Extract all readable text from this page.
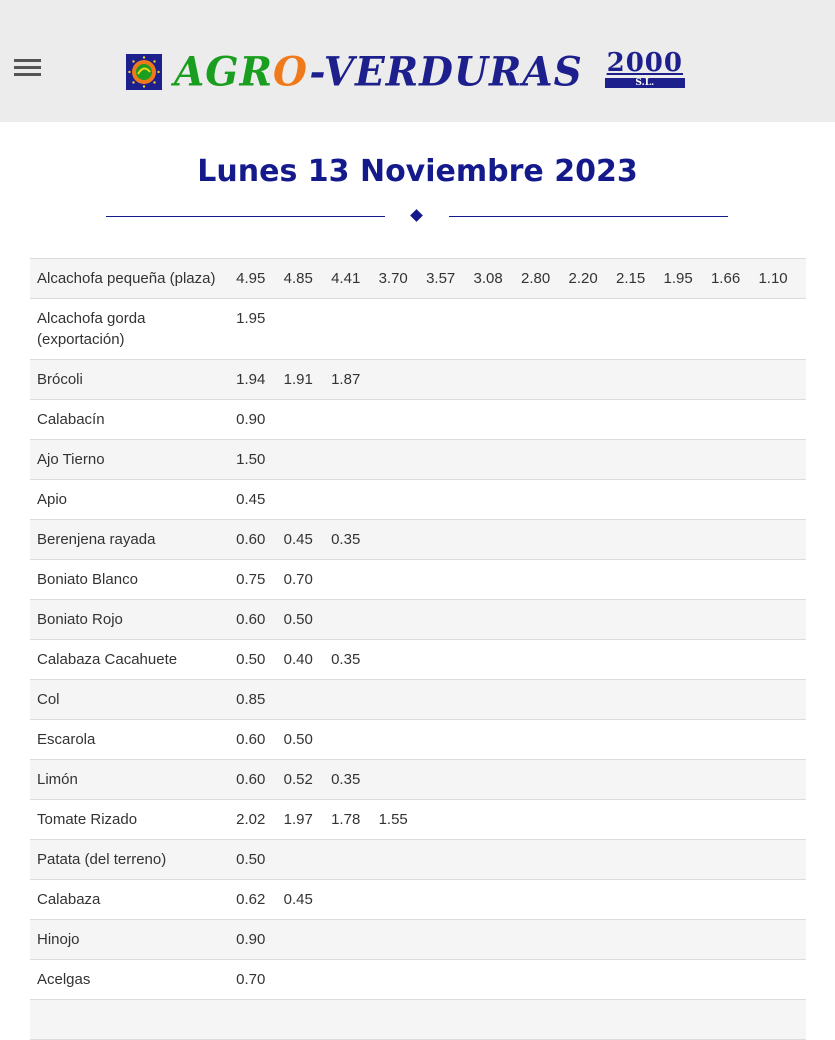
AGRO-VERDURAS 2000
S.L.
Lunes 13 Noviembre 2023
Alcachofa pequeña (plaza)	4.95	4.85	4.41	3.70	3.57	3.08	2.80	2.20	2.15	1.95	1.66	1.10
Alcachofa gorda (exportación)	1.95											
Brócoli	1.94	1.91	1.87									
Calabacín	0.90											
Ajo Tierno	1.50											
Apio	0.45											
Berenjena rayada	0.60	0.45	0.35									
Boniato Blanco	0.75	0.70										
Boniato Rojo	0.60	0.50										
Calabaza Cacahuete	0.50	0.40	0.35									
Col	0.85											
Escarola	0.60	0.50										
Limón	0.60	0.52	0.35									
Tomate Rizado	2.02	1.97	1.78	1.55								
Patata (del terreno)	0.50											
Calabaza	0.62	0.45										
Hinojo	0.90											
Acelgas	0.70											
